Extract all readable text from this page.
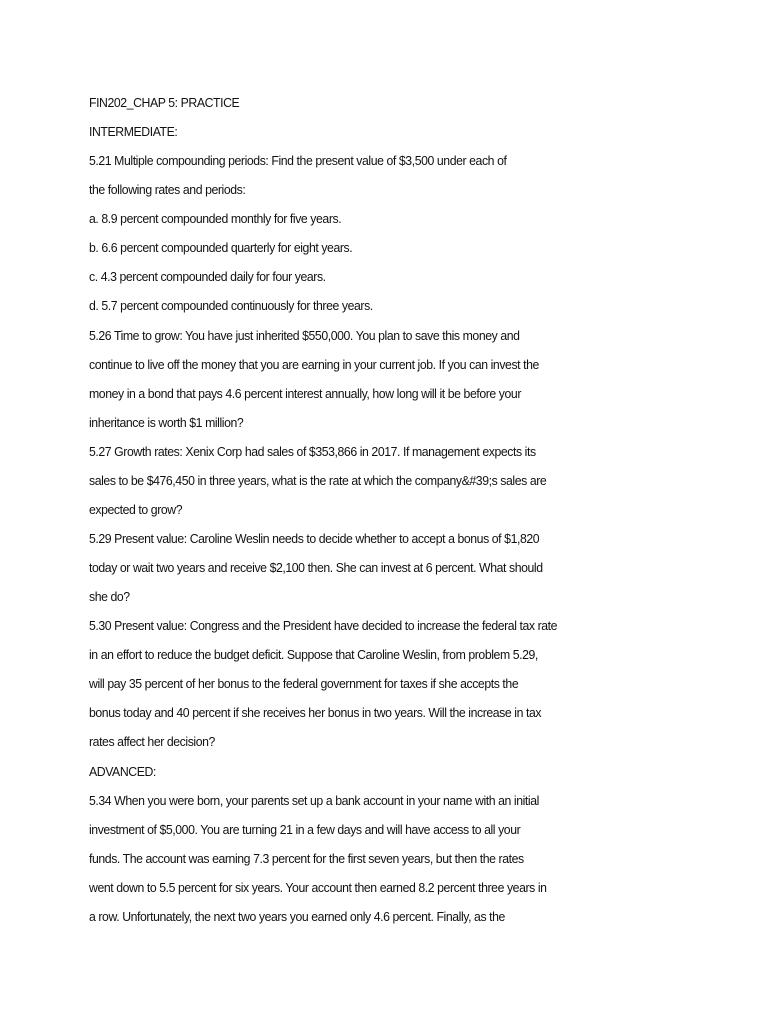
FIN202_CHAP 5: PRACTICE

INTERMEDIATE:

5.21 Multiple compounding periods: Find the present value of $3,500 under each of

the following rates and periods:

a. 8.9 percent compounded monthly for five years.

b. 6.6 percent compounded quarterly for eight years.

c. 4.3 percent compounded daily for four years.

d. 5.7 percent compounded continuously for three years.

5.26 Time to grow: You have just inherited $550,000. You plan to save this money and

continue to live off the money that you are earning in your current job. If you can invest the

money in a bond that pays 4.6 percent interest annually, how long will it be before your

inheritance is worth $1 million?

5.27 Growth rates: Xenix Corp had sales of $353,866 in 2017. If management expects its

sales to be $476,450 in three years, what is the rate at which the company&#39;s sales are

expected to grow?

5.29 Present value: Caroline Weslin needs to decide whether to accept a bonus of $1,820

today or wait two years and receive $2,100 then. She can invest at 6 percent. What should

she do?

5.30 Present value: Congress and the President have decided to increase the federal tax rate

in an effort to reduce the budget deficit. Suppose that Caroline Weslin, from problem 5.29,

will pay 35 percent of her bonus to the federal government for taxes if she accepts the

bonus today and 40 percent if she receives her bonus in two years. Will the increase in tax

rates affect her decision?

ADVANCED:

5.34 When you were born, your parents set up a bank account in your name with an initial

investment of $5,000. You are turning 21 in a few days and will have access to all your

funds. The account was earning 7.3 percent for the first seven years, but then the rates

went down to 5.5 percent for six years. Your account then earned 8.2 percent three years in

a row. Unfortunately, the next two years you earned only 4.6 percent. Finally, as the
